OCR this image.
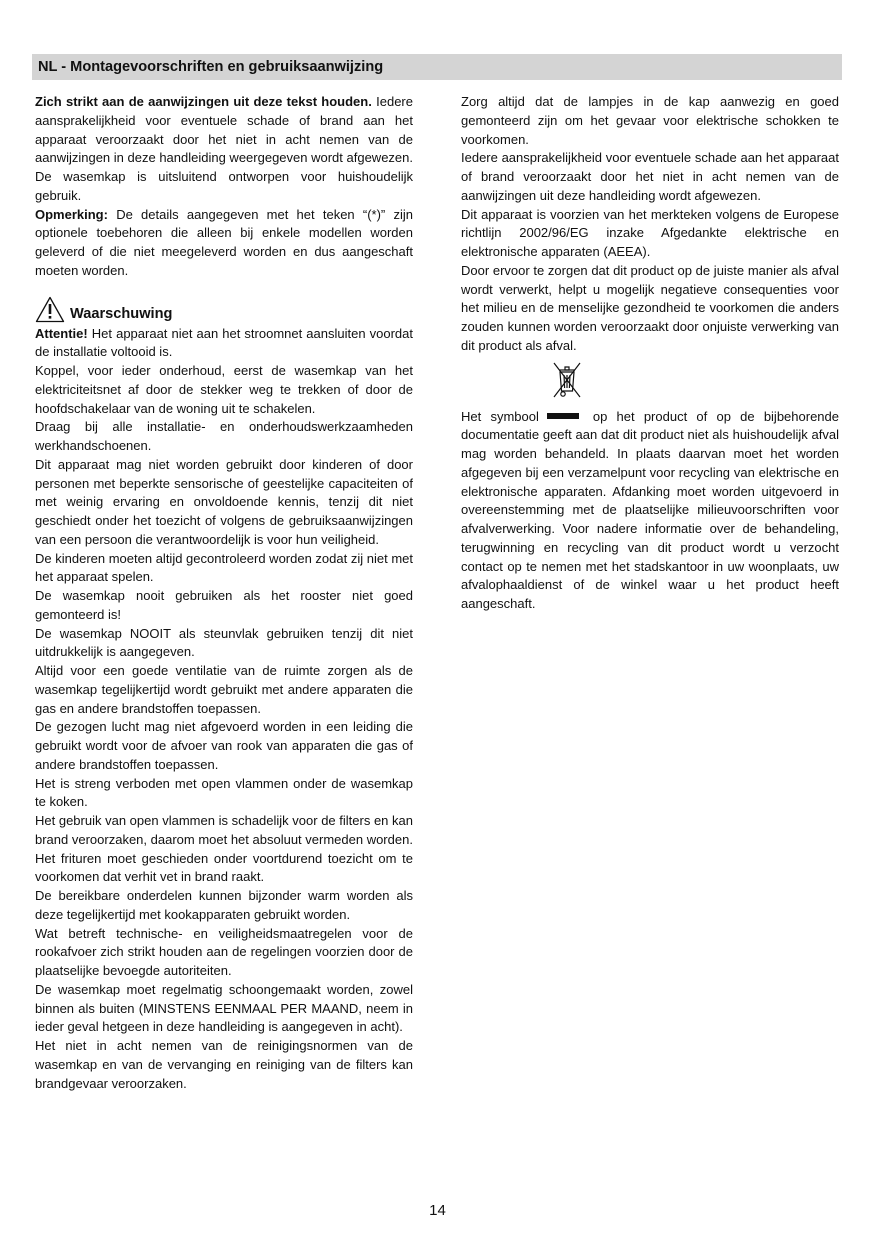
NL - Montagevoorschriften en gebruiksaanwijzing

Zich strikt aan de aanwijzingen uit deze tekst houden. Iedere aansprakelijkheid voor eventuele schade of brand aan het apparaat veroorzaakt door het niet in acht nemen van de aanwijzingen in deze handleiding weergegeven wordt afgewezen. De wasemkap is uitsluitend ontworpen voor huishoudelijk gebruik.

Opmerking: De details aangegeven met het teken “(*)” zijn optionele toebehoren die alleen bij enkele modellen worden geleverd of die niet meegeleverd worden en dus aangeschaft moeten worden.

Waarschuwing

Attentie! Het apparaat niet aan het stroomnet aansluiten voordat de installatie voltooid is.

Koppel, voor ieder onderhoud, eerst de wasemkap van het elektriciteitsnet af door de stekker weg te trekken of door de hoofdschakelaar van de woning uit te schakelen.

Draag bij alle installatie- en onderhoudswerkzaamheden werkhandschoenen.

Dit apparaat mag niet worden gebruikt door kinderen of door personen met beperkte sensorische of geestelijke capaciteiten of met weinig ervaring en onvoldoende kennis, tenzij dit niet geschiedt onder het toezicht of volgens de gebruiksaanwijzingen van een persoon die verantwoordelijk is voor hun veiligheid.

De kinderen moeten altijd gecontroleerd worden zodat zij niet met het apparaat spelen.

De wasemkap nooit gebruiken als het rooster niet goed gemonteerd is!

De wasemkap NOOIT als steunvlak gebruiken tenzij dit niet uitdrukkelijk is aangegeven.

Altijd voor een goede ventilatie van de ruimte zorgen als de wasemkap tegelijkertijd wordt gebruikt met andere apparaten die gas en andere brandstoffen toepassen.

De gezogen lucht mag niet afgevoerd worden in een leiding die gebruikt wordt voor de afvoer van rook van apparaten die gas of andere brandstoffen toepassen.

Het is streng verboden met open vlammen onder de wasemkap te koken.

Het gebruik van open vlammen is schadelijk voor de filters en kan brand veroorzaken, daarom moet het absoluut vermeden worden.

Het frituren moet geschieden onder voortdurend toezicht om te voorkomen dat verhit vet in brand raakt.

De bereikbare onderdelen kunnen bijzonder warm worden als deze tegelijkertijd met kookapparaten gebruikt worden.

Wat betreft technische- en veiligheidsmaatregelen voor de rookafvoer zich strikt houden aan de regelingen voorzien door de plaatselijke bevoegde autoriteiten.

De wasemkap moet regelmatig schoongemaakt worden, zowel binnen als buiten (MINSTENS EENMAAL PER MAAND, neem in ieder geval hetgeen in deze handleiding is aangegeven in acht).

Het niet in acht nemen van de reinigingsnormen van de wasemkap en van de vervanging en reiniging van de filters kan brandgevaar veroorzaken.

Zorg altijd dat de lampjes in de kap aanwezig en goed gemonteerd zijn om het gevaar voor elektrische schokken te voorkomen.

Iedere aansprakelijkheid voor eventuele schade aan het apparaat of brand veroorzaakt door het niet in acht nemen van de aanwijzingen uit deze handleiding wordt afgewezen.

Dit apparaat is voorzien van het merkteken volgens de Europese richtlijn 2002/96/EG inzake Afgedankte elektrische en elektronische apparaten (AEEA).

Door ervoor te zorgen dat dit product op de juiste manier als afval wordt verwerkt, helpt u mogelijk negatieve consequenties voor het milieu en de menselijke gezondheid te voorkomen die anders zouden kunnen worden veroorzaakt door onjuiste verwerking van dit product als afval.

Het symbool	op het product of op de bijbehorende documentatie geeft aan dat dit product niet als huishoudelijk afval mag worden behandeld. In plaats daarvan moet het worden afgegeven bij een verzamelpunt voor recycling van elektrische en elektronische apparaten. Afdanking moet worden uitgevoerd in overeenstemming met de plaatselijke milieuvoorschriften voor afvalverwerking. Voor nadere informatie over de behandeling, terugwinning en recycling van dit product wordt u verzocht contact op te nemen met het stadskantoor in uw woonplaats, uw afvalophaaldienst of de winkel waar u het product heeft aangeschaft.

14
